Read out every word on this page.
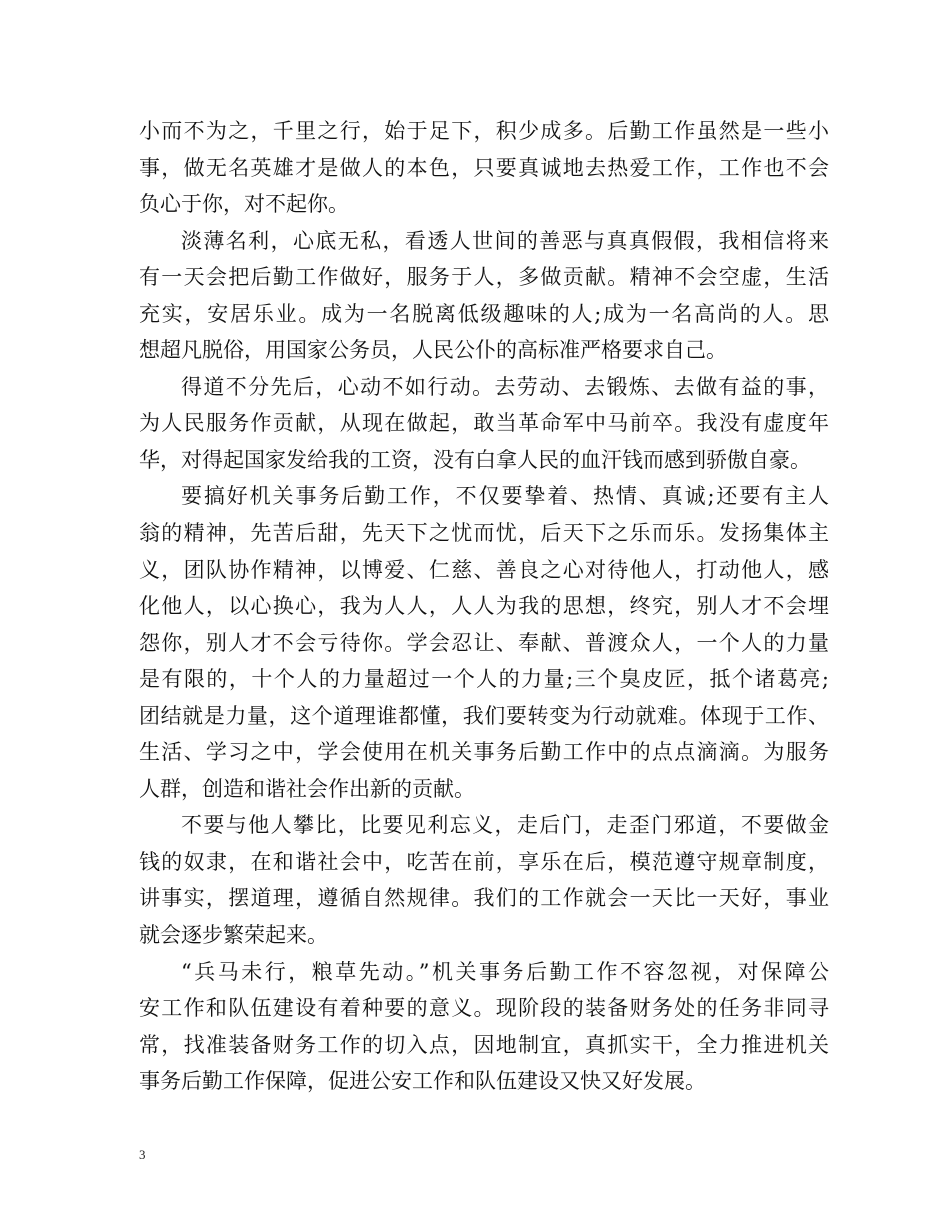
小而不为之，千里之行，始于足下，积少成多。后勤工作虽然是一些小
事，做无名英雄才是做人的本色，只要真诚地去热爱工作，工作也不会
负心于你，对不起你。
淡薄名利，心底无私，看透人世间的善恶与真真假假，我相信将来
有一天会把后勤工作做好，服务于人，多做贡献。精神不会空虚，生活
充实，安居乐业。成为一名脱离低级趣味的人;成为一名高尚的人。思
想超凡脱俗，用国家公务员，人民公仆的高标准严格要求自己。
得道不分先后，心动不如行动。去劳动、去锻炼、去做有益的事，
为人民服务作贡献，从现在做起，敢当革命军中马前卒。我没有虚度年
华，对得起国家发给我的工资，没有白拿人民的血汗钱而感到骄傲自豪。
要搞好机关事务后勤工作，不仅要挚着、热情、真诚;还要有主人
翁的精神，先苦后甜，先天下之忧而忧，后天下之乐而乐。发扬集体主
义，团队协作精神，以博爱、仁慈、善良之心对待他人，打动他人，感
化他人，以心换心，我为人人，人人为我的思想，终究，别人才不会埋
怨你，别人才不会亏待你。学会忍让、奉献、普渡众人，一个人的力量
是有限的，十个人的力量超过一个人的力量;三个臭皮匠，抵个诸葛亮;
团结就是力量，这个道理谁都懂，我们要转变为行动就难。体现于工作、
生活、学习之中，学会使用在机关事务后勤工作中的点点滴滴。为服务
人群，创造和谐社会作出新的贡献。
不要与他人攀比，比要见利忘义，走后门，走歪门邪道，不要做金
钱的奴隶，在和谐社会中，吃苦在前，享乐在后，模范遵守规章制度，
讲事实，摆道理，遵循自然规律。我们的工作就会一天比一天好，事业
就会逐步繁荣起来。
“兵马未行，粮草先动。”机关事务后勤工作不容忽视，对保障公
安工作和队伍建设有着种要的意义。现阶段的装备财务处的任务非同寻
常，找准装备财务工作的切入点，因地制宜，真抓实干，全力推进机关
事务后勤工作保障，促进公安工作和队伍建设又快又好发展。
3
